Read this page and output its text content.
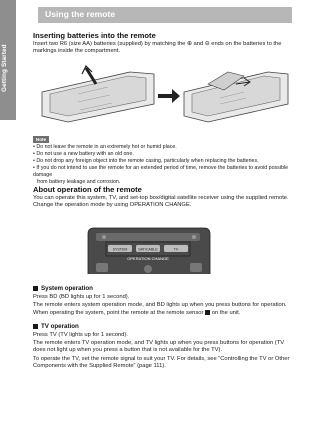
Getting Started
Using the remote
Inserting batteries into the remote

Insert two R6 (size AA) batteries (supplied) by matching the ⊕ and ⊖ ends on the batteries to the markings inside the compartment.

Note
• Do not leave the remote in an extremely hot or humid place.
• Do not use a new battery with an old one.
• Do not drop any foreign object into the remote casing, particularly when replacing the batteries.
• If you do not intend to use the remote for an extended period of time, remove the batteries to avoid possible damage
from battery leakage and corrosion.
About operation of the remote

You can operate this system, TV, and set-top box/digital satellite receiver using the supplied remote. Change the operation mode by using OPERATION CHANGE.

SYSTEM	SAT/CABLE	TV
OPERATION CHANGE
System operation

Press BD (BD lights up for 1 second).

The remote enters system operation mode, and BD lights up when you press buttons for operation.

When operating the system, point the remote at the remote sensor on the unit.

TV operation

Press TV (TV lights up for 1 second).

The remote enters TV operation mode, and TV lights up when you press buttons for operation (TV does not light up when you press a button that is not available for the TV).

To operate the TV, set the remote signal to suit your TV. For details, see “Controlling the TV or Other Components with the Supplied Remote” (page 111).
